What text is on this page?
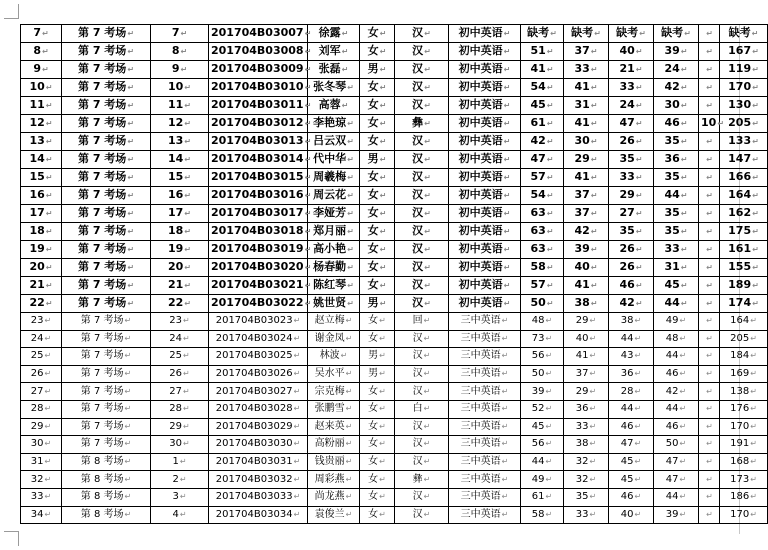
7↵	第 7 考场↵	7↵	201704B03007↵	徐露↵	女↵	汉↵	初中英语↵	缺考↵	缺考↵	缺考↵	缺考↵	↵	缺考↵
8↵	第 7 考场↵	8↵	201704B03008↵	刘军↵	女↵	汉↵	初中英语↵	51↵	37↵	40↵	39↵	↵	167↵
9↵	第 7 考场↵	9↵	201704B03009↵	张磊↵	男↵	汉↵	初中英语↵	41↵	33↵	21↵	24↵	↵	119↵
10↵	第 7 考场↵	10↵	201704B03010↵	张冬琴↵	女↵	汉↵	初中英语↵	54↵	41↵	33↵	42↵	↵	170↵
11↵	第 7 考场↵	11↵	201704B03011↵	高蓉↵	女↵	汉↵	初中英语↵	45↵	31↵	24↵	30↵	↵	130↵
12↵	第 7 考场↵	12↵	201704B03012↵	李艳琼↵	女↵	彝↵	初中英语↵	61↵	41↵	47↵	46↵	10↵	205↵
13↵	第 7 考场↵	13↵	201704B03013↵	吕云双↵	女↵	汉↵	初中英语↵	42↵	30↵	26↵	35↵	↵	133↵
14↵	第 7 考场↵	14↵	201704B03014↵	代中华↵	男↵	汉↵	初中英语↵	47↵	29↵	35↵	36↵	↵	147↵
15↵	第 7 考场↵	15↵	201704B03015↵	周羲梅↵	女↵	汉↵	初中英语↵	57↵	41↵	33↵	35↵	↵	166↵
16↵	第 7 考场↵	16↵	201704B03016↵	周云花↵	女↵	汉↵	初中英语↵	54↵	37↵	29↵	44↵	↵	164↵
17↵	第 7 考场↵	17↵	201704B03017↵	李娅芳↵	女↵	汉↵	初中英语↵	63↵	37↵	27↵	35↵	↵	162↵
18↵	第 7 考场↵	18↵	201704B03018↵	郑月丽↵	女↵	汉↵	初中英语↵	63↵	42↵	35↵	35↵	↵	175↵
19↵	第 7 考场↵	19↵	201704B03019↵	高小艳↵	女↵	汉↵	初中英语↵	63↵	39↵	26↵	33↵	↵	161↵
20↵	第 7 考场↵	20↵	201704B03020↵	杨春勤↵	女↵	汉↵	初中英语↵	58↵	40↵	26↵	31↵	↵	155↵
21↵	第 7 考场↵	21↵	201704B03021↵	陈红琴↵	女↵	汉↵	初中英语↵	57↵	41↵	46↵	45↵	↵	189↵
22↵	第 7 考场↵	22↵	201704B03022↵	姚世贤↵	男↵	汉↵	初中英语↵	50↵	38↵	42↵	44↵	↵	174↵
23↵	第 7 考场↵	23↵	201704B03023↵	赵立梅↵	女↵	回↵	三中英语↵	48↵	29↵	38↵	49↵	↵	164↵
24↵	第 7 考场↵	24↵	201704B03024↵	谢金凤↵	女↵	汉↵	三中英语↵	73↵	40↵	44↵	48↵	↵	205↵
25↵	第 7 考场↵	25↵	201704B03025↵	林波↵	男↵	汉↵	三中英语↵	56↵	41↵	43↵	44↵	↵	184↵
26↵	第 7 考场↵	26↵	201704B03026↵	吴水平↵	男↵	汉↵	三中英语↵	50↵	37↵	36↵	46↵	↵	169↵
27↵	第 7 考场↵	27↵	201704B03027↵	宗克梅↵	女↵	汉↵	三中英语↵	39↵	29↵	28↵	42↵	↵	138↵
28↵	第 7 考场↵	28↵	201704B03028↵	张鹏雪↵	女↵	白↵	三中英语↵	52↵	36↵	44↵	44↵	↵	176↵
29↵	第 7 考场↵	29↵	201704B03029↵	赵来英↵	女↵	汉↵	三中英语↵	45↵	33↵	46↵	46↵	↵	170↵
30↵	第 7 考场↵	30↵	201704B03030↵	高粉丽↵	女↵	汉↵	三中英语↵	56↵	38↵	47↵	50↵	↵	191↵
31↵	第 8 考场↵	1↵	201704B03031↵	钱贵丽↵	女↵	汉↵	三中英语↵	44↵	32↵	45↵	47↵	↵	168↵
32↵	第 8 考场↵	2↵	201704B03032↵	周彩燕↵	女↵	彝↵	三中英语↵	49↵	32↵	45↵	47↵	↵	173↵
33↵	第 8 考场↵	3↵	201704B03033↵	尚龙燕↵	女↵	汉↵	三中英语↵	61↵	35↵	46↵	44↵	↵	186↵
34↵	第 8 考场↵	4↵	201704B03034↵	袁俊兰↵	女↵	汉↵	三中英语↵	58↵	33↵	40↵	39↵	↵	170↵
